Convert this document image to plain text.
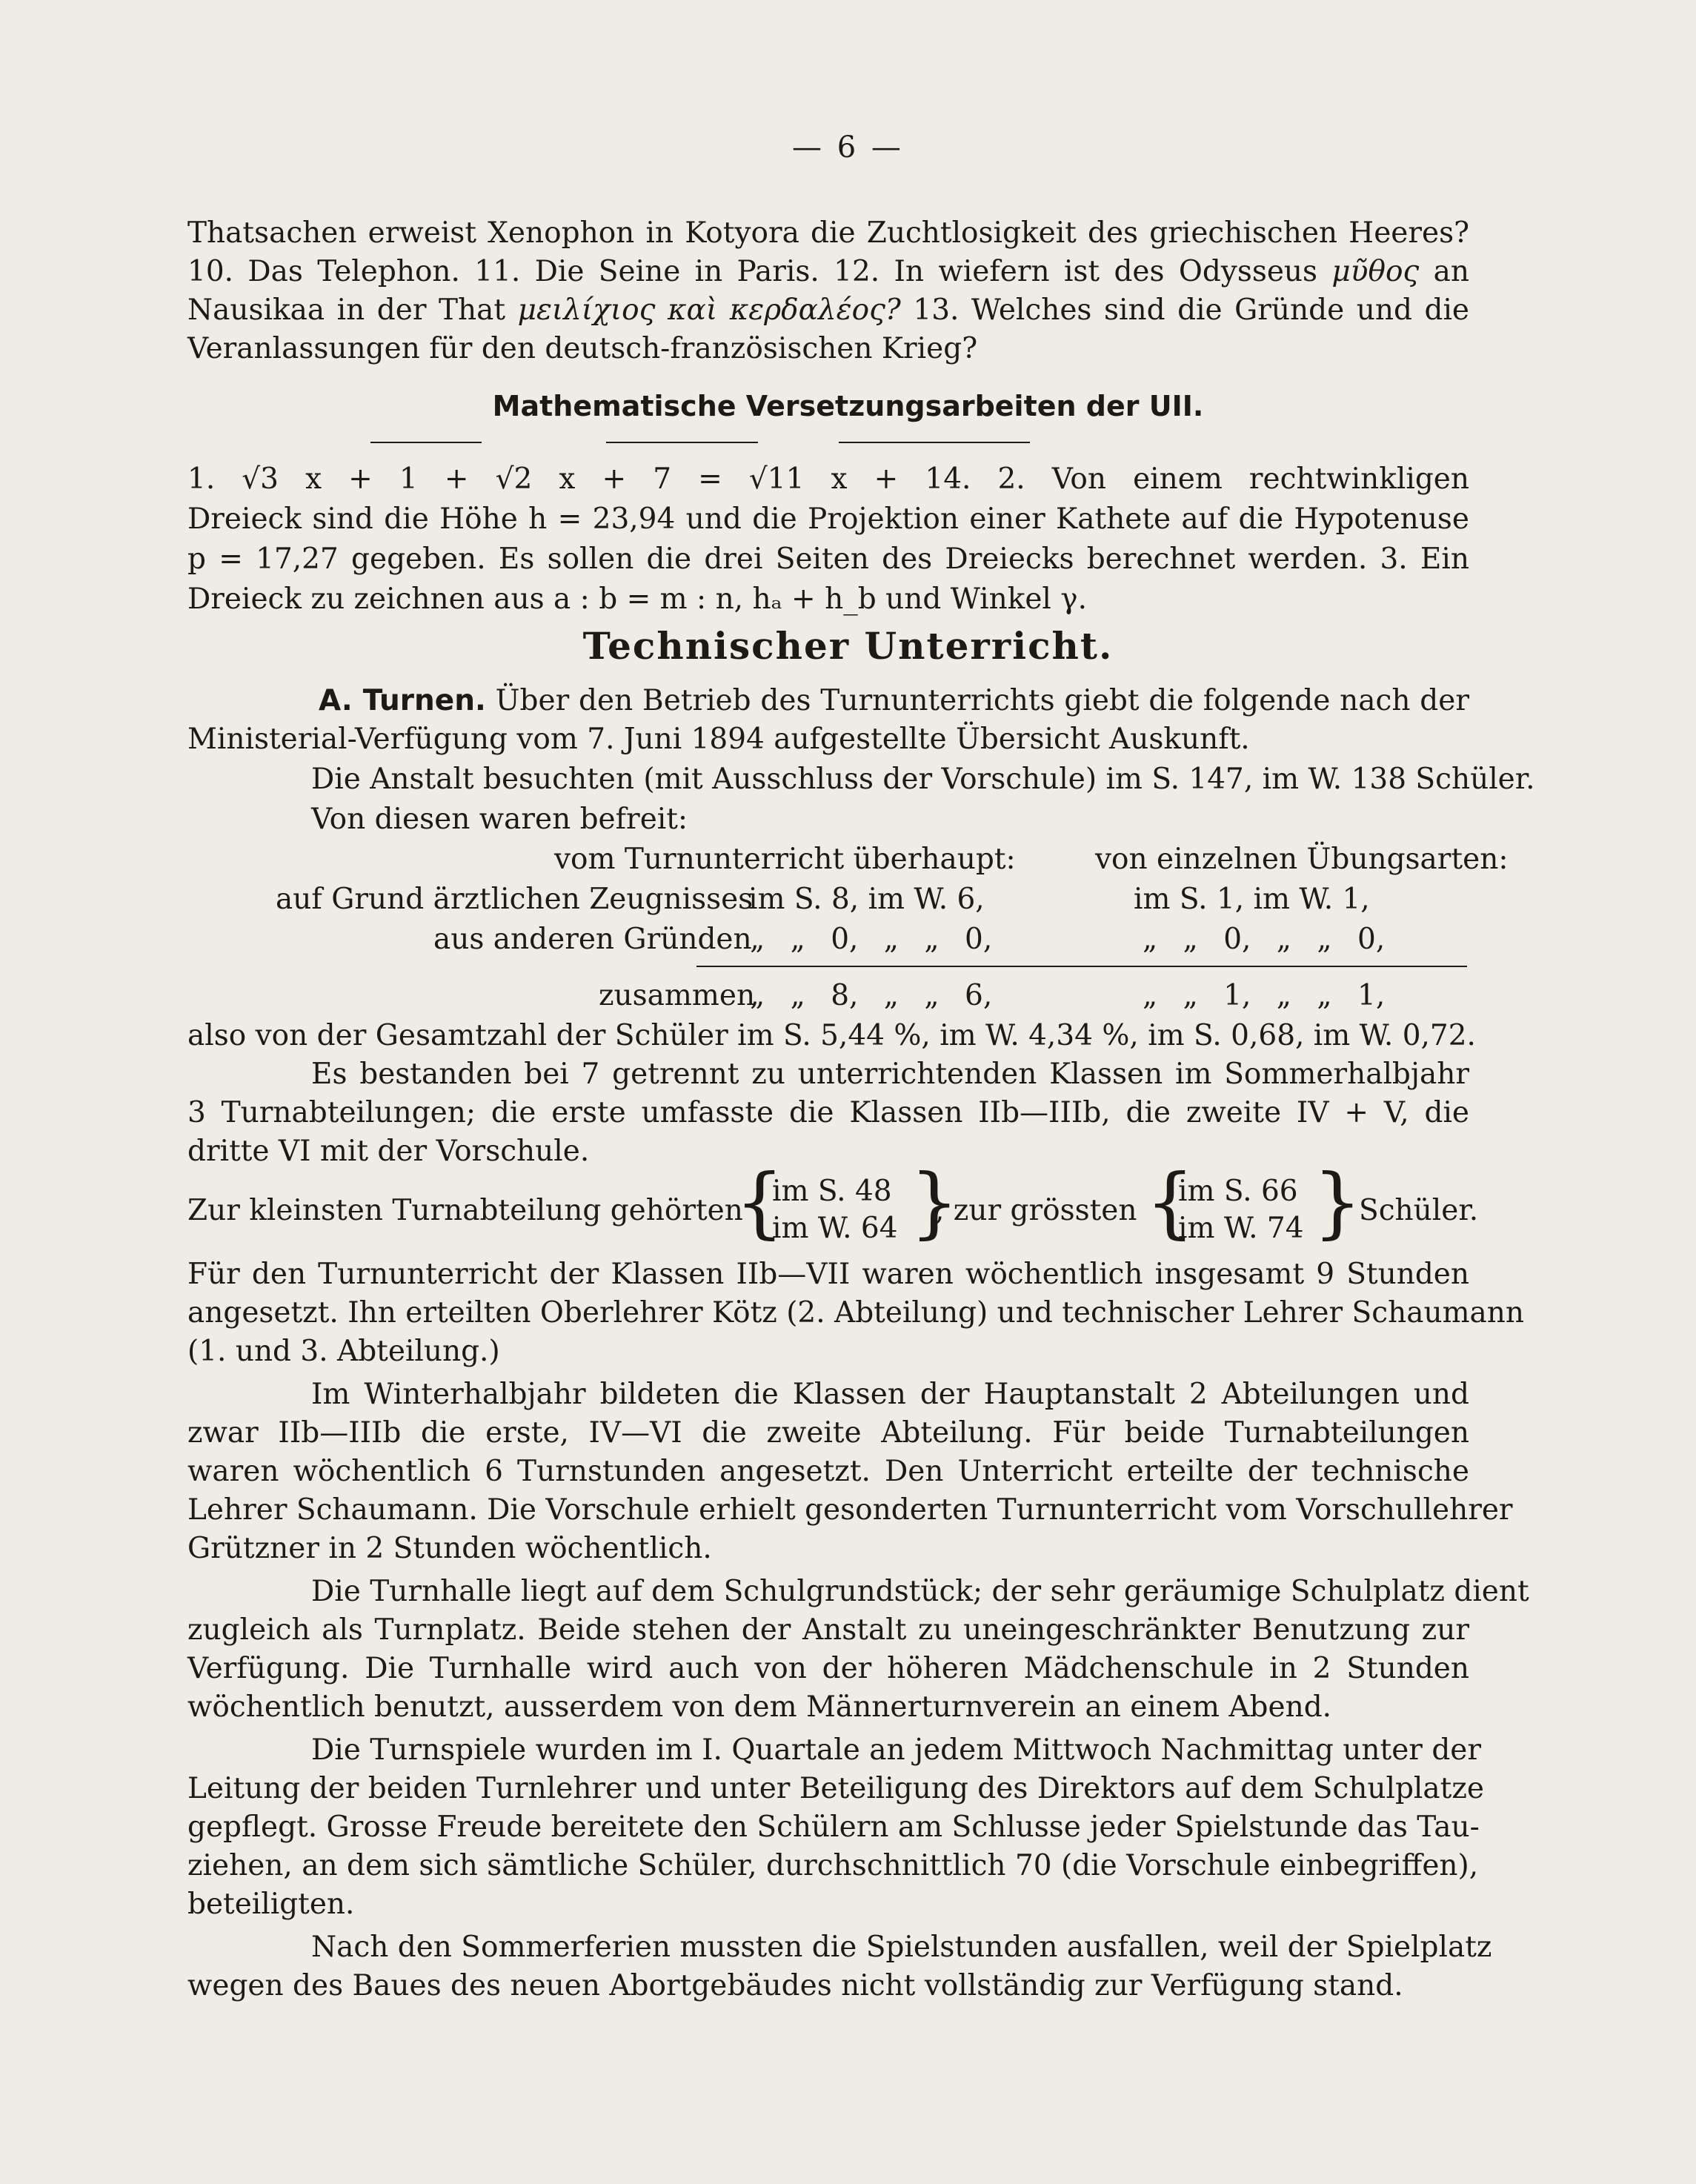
— 6 —
Thatsachen erweist Xenophon in Kotyora die Zuchtlosigkeit des griechischen Heeres?
10. Das Telephon. 11. Die Seine in Paris. 12. In wiefern ist des Odysseus μῦθος an
Nausikaa in der That μειλίχιος καὶ κερδαλέος? 13. Welches sind die Gründe und die
Veranlassungen für den deutsch-französischen Krieg?
Mathematische Versetzungsarbeiten der UII.
1. √3 x + 1 + √2 x + 7 = √11 x + 14. 2. Von einem rechtwinkligen
Dreieck sind die Höhe h = 23,94 und die Projektion einer Kathete auf die Hypotenuse
p = 17,27 gegeben. Es sollen die drei Seiten des Dreiecks berechnet werden. 3. Ein
Dreieck zu zeichnen aus a : b = m : n, hₐ + h_b und Winkel γ.
Technischer Unterricht.
A. Turnen. Über den Betrieb des Turnunterrichts giebt die folgende nach der
Ministerial-Verfügung vom 7. Juni 1894 aufgestellte Übersicht Auskunft.
Die Anstalt besuchten (mit Ausschluss der Vorschule) im S. 147, im W. 138 Schüler.
Von diesen waren befreit:
vom Turnunterricht überhaupt:	von einzelnen Übungsarten:
auf Grund ärztlichen Zeugnisses
im S. 8, im W. 6,	im S. 1, im W. 1,
aus anderen Gründen
„ „ 0, „ „ 0,	„ „ 0, „ „ 0,
zusammen
„ „ 8, „ „ 6,	„ „ 1, „ „ 1,
also von der Gesamtzahl der Schüler im S. 5,44 %, im W. 4,34 %, im S. 0,68, im W. 0,72.
Es bestanden bei 7 getrennt zu unterrichtenden Klassen im Sommerhalbjahr
3 Turnabteilungen; die erste umfasste die Klassen IIb—IIIb, die zweite IV + V, die
dritte VI mit der Vorschule.
Zur kleinsten Turnabteilung gehörten
{
im S. 48
im W. 64 }
, zur grössten {
im S. 66
im W. 74 }
Schüler.
Für den Turnunterricht der Klassen IIb—VII waren wöchentlich insgesamt 9 Stunden
angesetzt. Ihn erteilten Oberlehrer Kötz (2. Abteilung) und technischer Lehrer Schaumann
(1. und 3. Abteilung.)
Im Winterhalbjahr bildeten die Klassen der Hauptanstalt 2 Abteilungen und
zwar IIb—IIIb die erste, IV—VI die zweite Abteilung. Für beide Turnabteilungen
waren wöchentlich 6 Turnstunden angesetzt. Den Unterricht erteilte der technische
Lehrer Schaumann. Die Vorschule erhielt gesonderten Turnunterricht vom Vorschullehrer
Grützner in 2 Stunden wöchentlich.
Die Turnhalle liegt auf dem Schulgrundstück; der sehr geräumige Schulplatz dient
zugleich als Turnplatz. Beide stehen der Anstalt zu uneingeschränkter Benutzung zur
Verfügung. Die Turnhalle wird auch von der höheren Mädchenschule in 2 Stunden
wöchentlich benutzt, ausserdem von dem Männerturnverein an einem Abend.
Die Turnspiele wurden im I. Quartale an jedem Mittwoch Nachmittag unter der
Leitung der beiden Turnlehrer und unter Beteiligung des Direktors auf dem Schulplatze
gepflegt. Grosse Freude bereitete den Schülern am Schlusse jeder Spielstunde das Tau-
ziehen, an dem sich sämtliche Schüler, durchschnittlich 70 (die Vorschule einbegriffen),
beteiligten.
Nach den Sommerferien mussten die Spielstunden ausfallen, weil der Spielplatz
wegen des Baues des neuen Abortgebäudes nicht vollständig zur Verfügung stand.
